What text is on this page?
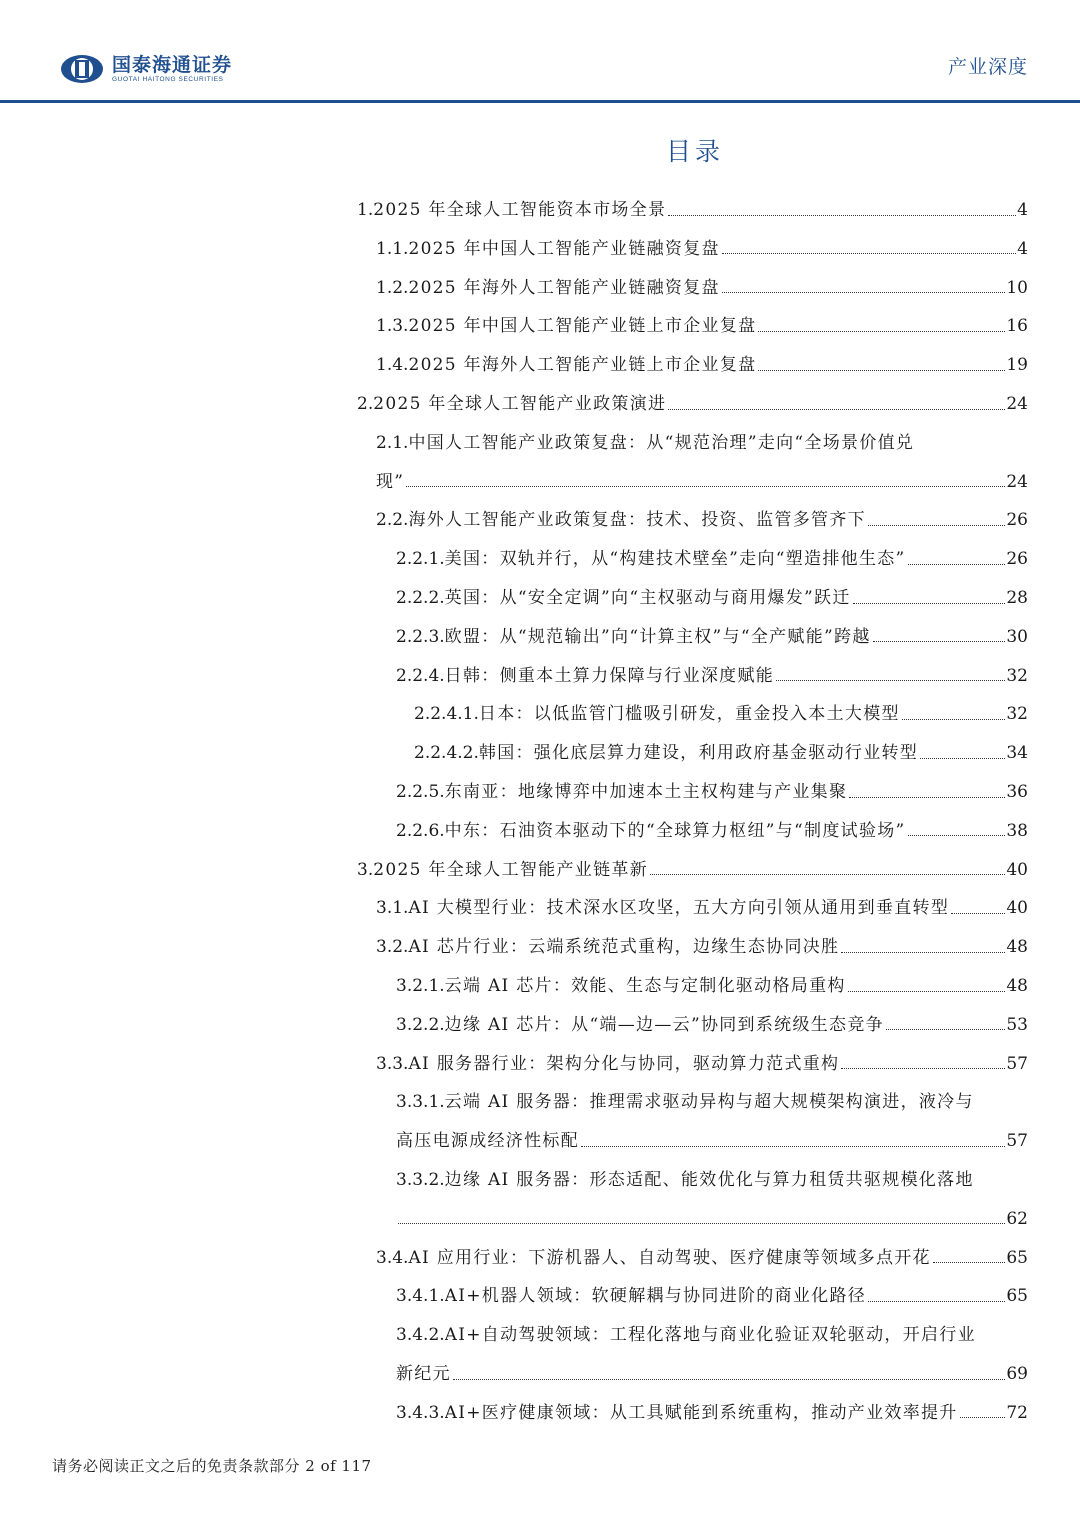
国泰海通证券
GUOTAI HAITONG SECURITIES
产业深度
目录
1. 2025 年全球人工智能资本市场全景	4
1.1. 2025 年中国人工智能产业链融资复盘	4
1.2. 2025 年海外人工智能产业链融资复盘	10
1.3. 2025 年中国人工智能产业链上市企业复盘	16
1.4. 2025 年海外人工智能产业链上市企业复盘	19
2. 2025 年全球人工智能产业政策演进	24
2.1. 中国人工智能产业政策复盘：从“规范治理”走向“全场景价值兑
现”	24
2.2. 海外人工智能产业政策复盘：技术、投资、监管多管齐下	26
2.2.1. 美国：双轨并行，从“构建技术壁垒”走向“塑造排他生态”	26
2.2.2. 英国：从“安全定调”向“主权驱动与商用爆发”跃迁	28
2.2.3. 欧盟：从“规范输出”向“计算主权”与“全产赋能”跨越	30
2.2.4. 日韩：侧重本土算力保障与行业深度赋能	32
2.2.4.1. 日本：以低监管门槛吸引研发，重金投入本土大模型	32
2.2.4.2. 韩国：强化底层算力建设，利用政府基金驱动行业转型	34
2.2.5. 东南亚：地缘博弈中加速本土主权构建与产业集聚	36
2.2.6. 中东：石油资本驱动下的“全球算力枢纽”与“制度试验场”	38
3. 2025 年全球人工智能产业链革新	40
3.1. AI 大模型行业：技术深水区攻坚，五大方向引领从通用到垂直转型	40
3.2. AI 芯片行业：云端系统范式重构，边缘生态协同决胜	48
3.2.1. 云端 AI 芯片：效能、生态与定制化驱动格局重构	48
3.2.2. 边缘 AI 芯片：从“端—边—云”协同到系统级生态竞争	53
3.3. AI 服务器行业：架构分化与协同，驱动算力范式重构	57
3.3.1. 云端 AI 服务器：推理需求驱动异构与超大规模架构演进，液冷与
高压电源成经济性标配	57
3.3.2. 边缘 AI 服务器：形态适配、能效优化与算力租赁共驱规模化落地
62
3.4. AI 应用行业：下游机器人、自动驾驶、医疗健康等领域多点开花	65
3.4.1. AI+机器人领域：软硬解耦与协同进阶的商业化路径	65
3.4.2. AI+自动驾驶领域：工程化落地与商业化验证双轮驱动，开启行业
新纪元	69
3.4.3. AI+医疗健康领域：从工具赋能到系统重构，推动产业效率提升	72
请务必阅读正文之后的免责条款部分 2 of 117
